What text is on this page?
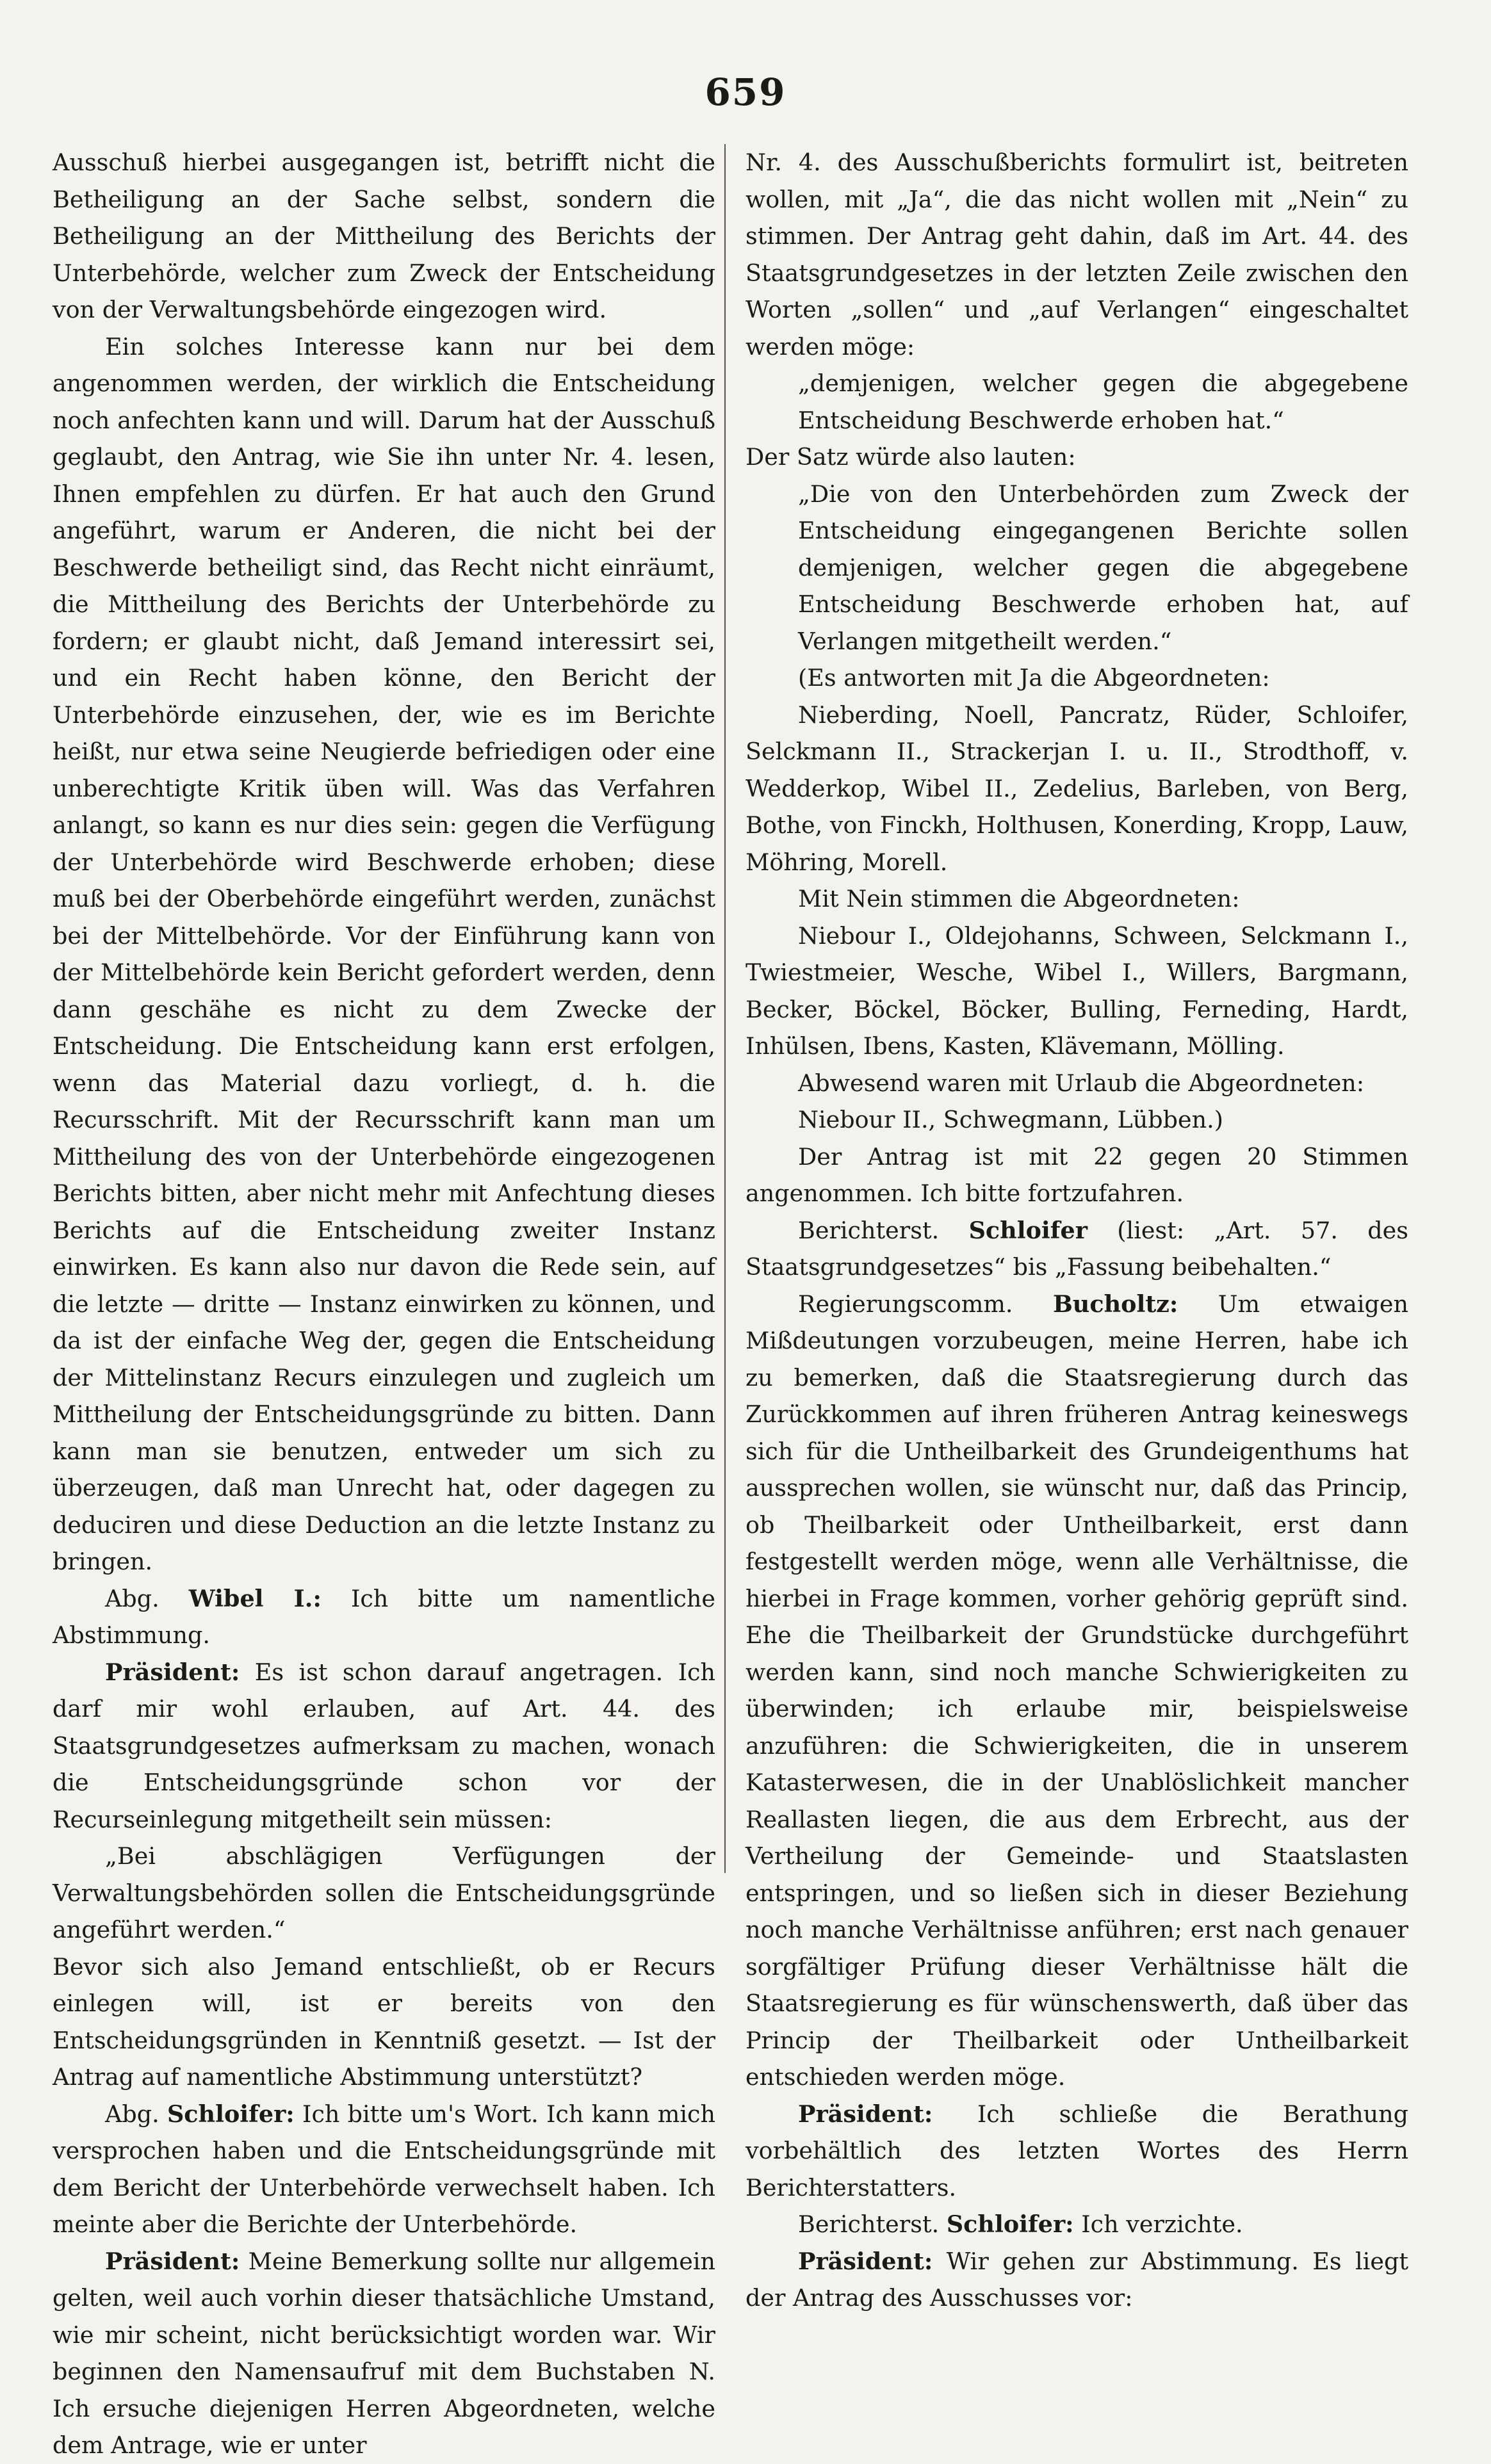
659

Ausschuß hierbei ausgegangen ist, betrifft nicht die Betheiligung an der Sache selbst, sondern die Betheiligung an der Mittheilung des Berichts der Unterbehörde, welcher zum Zweck der Entscheidung von der Verwaltungsbehörde eingezogen wird.

Ein solches Interesse kann nur bei dem angenommen werden, der wirklich die Entscheidung noch anfechten kann und will. Darum hat der Ausschuß geglaubt, den Antrag, wie Sie ihn unter Nr. 4. lesen, Ihnen empfehlen zu dürfen. Er hat auch den Grund angeführt, warum er Anderen, die nicht bei der Beschwerde betheiligt sind, das Recht nicht einräumt, die Mittheilung des Berichts der Unterbehörde zu fordern; er glaubt nicht, daß Jemand interessirt sei, und ein Recht haben könne, den Bericht der Unterbehörde einzusehen, der, wie es im Berichte heißt, nur etwa seine Neugierde befriedigen oder eine unberechtigte Kritik üben will. Was das Verfahren anlangt, so kann es nur dies sein: gegen die Verfügung der Unterbehörde wird Beschwerde erhoben; diese muß bei der Oberbehörde eingeführt werden, zunächst bei der Mittelbehörde. Vor der Einführung kann von der Mittelbehörde kein Bericht gefordert werden, denn dann geschähe es nicht zu dem Zwecke der Entscheidung. Die Entscheidung kann erst erfolgen, wenn das Material dazu vorliegt, d. h. die Recursschrift. Mit der Recursschrift kann man um Mittheilung des von der Unterbehörde eingezogenen Berichts bitten, aber nicht mehr mit Anfechtung dieses Berichts auf die Entscheidung zweiter Instanz einwirken. Es kann also nur davon die Rede sein, auf die letzte — dritte — Instanz einwirken zu können, und da ist der einfache Weg der, gegen die Entscheidung der Mittelinstanz Recurs einzulegen und zugleich um Mittheilung der Entscheidungsgründe zu bitten. Dann kann man sie benutzen, entweder um sich zu überzeugen, daß man Unrecht hat, oder dagegen zu deduciren und diese Deduction an die letzte Instanz zu bringen.

Abg. Wibel I.: Ich bitte um namentliche Abstimmung.

Präsident: Es ist schon darauf angetragen. Ich darf mir wohl erlauben, auf Art. 44. des Staatsgrundgesetzes aufmerksam zu machen, wonach die Entscheidungsgründe schon vor der Recurseinlegung mitgetheilt sein müssen:

„Bei abschlägigen Verfügungen der Verwaltungsbehörden sollen die Entscheidungsgründe angeführt werden.“

Bevor sich also Jemand entschließt, ob er Recurs einlegen will, ist er bereits von den Entscheidungsgründen in Kenntniß gesetzt. — Ist der Antrag auf namentliche Abstimmung unterstützt?

Abg. Schloifer: Ich bitte um's Wort. Ich kann mich versprochen haben und die Entscheidungsgründe mit dem Bericht der Unterbehörde verwechselt haben. Ich meinte aber die Berichte der Unterbehörde.

Präsident: Meine Bemerkung sollte nur allgemein gelten, weil auch vorhin dieser thatsächliche Umstand, wie mir scheint, nicht berücksichtigt worden war. Wir beginnen den Namensaufruf mit dem Buchstaben N. Ich ersuche diejenigen Herren Abgeordneten, welche dem Antrage, wie er unter

Nr. 4. des Ausschußberichts formulirt ist, beitreten wollen, mit „Ja“, die das nicht wollen mit „Nein“ zu stimmen. Der Antrag geht dahin, daß im Art. 44. des Staatsgrundgesetzes in der letzten Zeile zwischen den Worten „sollen“ und „auf Verlangen“ eingeschaltet werden möge:

„demjenigen, welcher gegen die abgegebene Entscheidung Beschwerde erhoben hat.“

Der Satz würde also lauten:

„Die von den Unterbehörden zum Zweck der Entscheidung eingegangenen Berichte sollen demjenigen, welcher gegen die abgegebene Entscheidung Beschwerde erhoben hat, auf Verlangen mitgetheilt werden.“

(Es antworten mit Ja die Abgeordneten:

Nieberding, Noell, Pancratz, Rüder, Schloifer, Selckmann II., Strackerjan I. u. II., Strodthoff, v. Wedderkop, Wibel II., Zedelius, Barleben, von Berg, Bothe, von Finckh, Holthusen, Konerding, Kropp, Lauw, Möhring, Morell.

Mit Nein stimmen die Abgeordneten:

Niebour I., Oldejohanns, Schween, Selckmann I., Twiestmeier, Wesche, Wibel I., Willers, Bargmann, Becker, Böckel, Böcker, Bulling, Ferneding, Hardt, Inhülsen, Ibens, Kasten, Klävemann, Mölling.

Abwesend waren mit Urlaub die Abgeordneten:

Niebour II., Schwegmann, Lübben.)

Der Antrag ist mit 22 gegen 20 Stimmen angenommen. Ich bitte fortzufahren.

Berichterst. Schloifer (liest: „Art. 57. des Staatsgrundgesetzes“ bis „Fassung beibehalten.“

Regierungscomm. Bucholtz: Um etwaigen Mißdeutungen vorzubeugen, meine Herren, habe ich zu bemerken, daß die Staatsregierung durch das Zurückkommen auf ihren früheren Antrag keineswegs sich für die Untheilbarkeit des Grundeigenthums hat aussprechen wollen, sie wünscht nur, daß das Princip, ob Theilbarkeit oder Untheilbarkeit, erst dann festgestellt werden möge, wenn alle Verhältnisse, die hierbei in Frage kommen, vorher gehörig geprüft sind. Ehe die Theilbarkeit der Grundstücke durchgeführt werden kann, sind noch manche Schwierigkeiten zu überwinden; ich erlaube mir, beispielsweise anzuführen: die Schwierigkeiten, die in unserem Katasterwesen, die in der Unablöslichkeit mancher Reallasten liegen, die aus dem Erbrecht, aus der Vertheilung der Gemeinde- und Staatslasten entspringen, und so ließen sich in dieser Beziehung noch manche Verhältnisse anführen; erst nach genauer sorgfältiger Prüfung dieser Verhältnisse hält die Staatsregierung es für wünschenswerth, daß über das Princip der Theilbarkeit oder Untheilbarkeit entschieden werden möge.

Präsident: Ich schließe die Berathung vorbehältlich des letzten Wortes des Herrn Berichterstatters.

Berichterst. Schloifer: Ich verzichte.

Präsident: Wir gehen zur Abstimmung. Es liegt der Antrag des Ausschusses vor:
